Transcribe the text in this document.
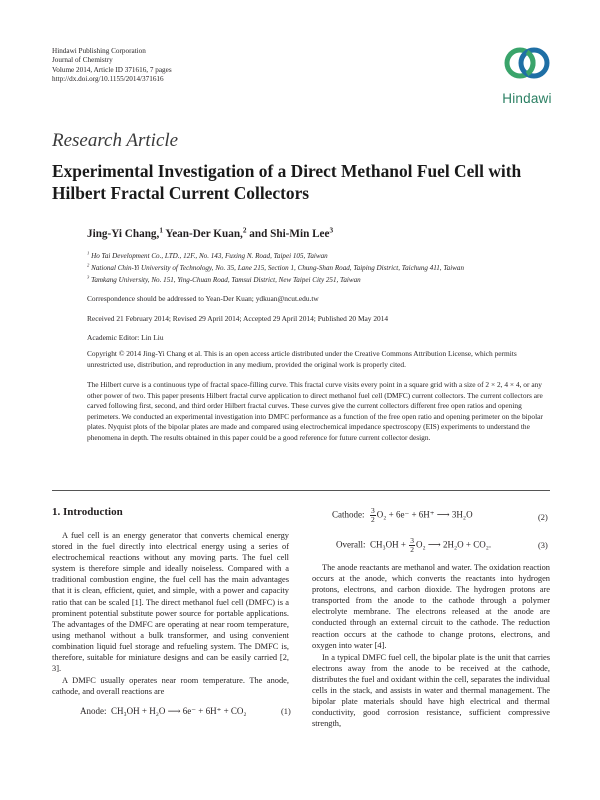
Hindawi Publishing Corporation
Journal of Chemistry
Volume 2014, Article ID 371616, 7 pages
http://dx.doi.org/10.1155/2014/371616
Hindawi
Research Article
Experimental Investigation of a Direct Methanol Fuel Cell with Hilbert Fractal Current Collectors
Jing-Yi Chang,$^1$ Yean-Der Kuan,$^2$ and Shi-Min Lee$^3$
$^1$ Ho Tai Development Co., LTD., 12F., No. 143, Fuxing N. Road, Taipei 105, Taiwan
$^2$ National Chin-Yi University of Technology, No. 35, Lane 215, Section 1, Chung-Shan Road, Taiping District, Taichung 411, Taiwan
$^3$ Tamkang University, No. 151, Ying-Chuan Road, Tamsui District, New Taipei City 251, Taiwan
Correspondence should be addressed to Yean-Der Kuan; ydkuan@ncut.edu.tw
Received 21 February 2014; Revised 29 April 2014; Accepted 29 April 2014; Published 20 May 2014
Academic Editor: Lin Liu
Copyright © 2014 Jing-Yi Chang et al. This is an open access article distributed under the Creative Commons Attribution License, which permits unrestricted use, distribution, and reproduction in any medium, provided the original work is properly cited.
The Hilbert curve is a continuous type of fractal space-filling curve. This fractal curve visits every point in a square grid with a size of 2 × 2, 4 × 4, or any other power of two. This paper presents Hilbert fractal curve application to direct methanol fuel cell (DMFC) current collectors. The current collectors are carved following first, second, and third order Hilbert fractal curves. These curves give the current collectors different free open ratios and opening perimeters. We conducted an experimental investigation into DMFC performance as a function of the free open ratio and opening perimeter on the bipolar plates. Nyquist plots of the bipolar plates are made and compared using electrochemical impedance spectroscopy (EIS) experiments to understand the phenomena in depth. The results obtained in this paper could be a good reference for future current collector design.
1. Introduction

A fuel cell is an energy generator that converts chemical energy stored in the fuel directly into electrical energy using a series of electrochemical reactions without any moving parts. The fuel cell system is therefore simple and ideally noiseless. Compared with a traditional combustion engine, the fuel cell has the main advantages that it is clean, efficient, quiet, and simple, with a power and capacity ratio that can be scaled [1]. The direct methanol fuel cell (DMFC) is a prominent potential substitute power source for portable applications. The advantages of the DMFC are operating at near room temperature, using methanol without a bulk transformer, and using convenient combination liquid fuel storage and refueling system. The DMFC is, therefore, suitable for miniature designs and can be easily carried [2, 3].

A DMFC usually operates near room temperature. The anode, cathode, and overall reactions are

Anode: CH₃OH + H₂O ⟶ 6e⁻ + 6H⁺ + CO₂	(1)
Cathode: $\frac{3}{2} O_2 + 6e^- + 6H^+$ ⟶ 3H₂O	(2)
Overall: $CH_3OH + \frac{3}{2} O_2$ ⟶ 2H₂O + CO₂.	(3)

The anode reactants are methanol and water. The oxidation reaction occurs at the anode, which converts the reactants into hydrogen protons, electrons, and carbon dioxide. The hydrogen protons are transported from the anode to the cathode through a polymer electrolyte membrane. The electrons released at the anode are conducted through an external circuit to the cathode. The reduction reaction occurs at the cathode to change protons, electrons, and oxygen into water [4].

In a typical DMFC fuel cell, the bipolar plate is the unit that carries electrons away from the anode to be received at the cathode, distributes the fuel and oxidant within the cell, separates the individual cells in the stack, and assists in water and thermal management. The bipolar plate materials should have high electrical and thermal conductivity, good corrosion resistance, sufficient compressive strength,
